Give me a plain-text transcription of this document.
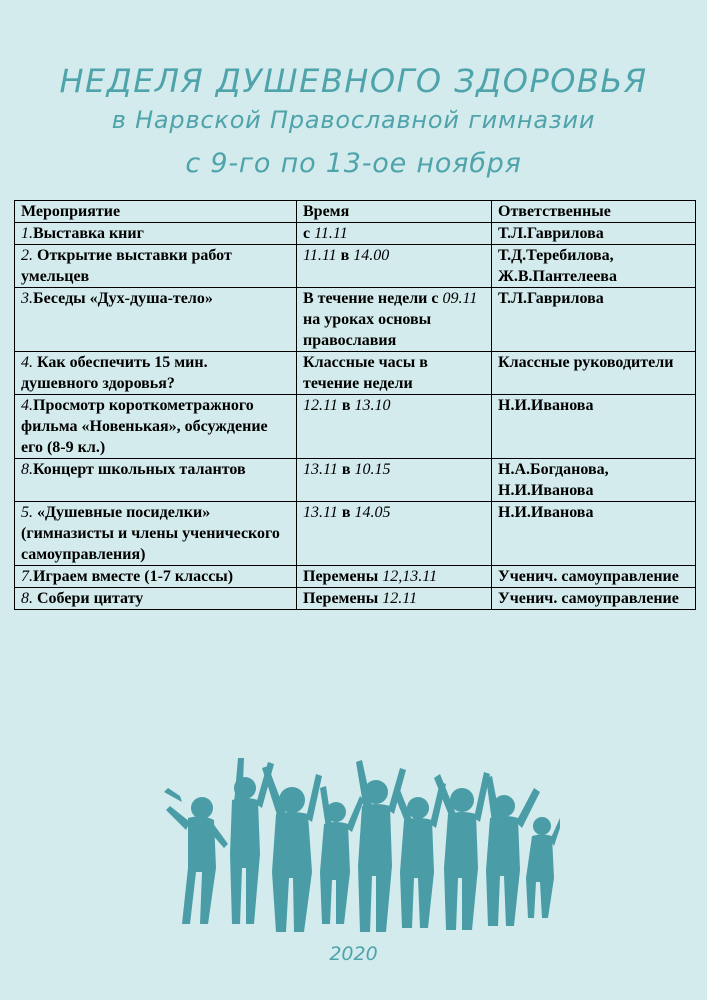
НЕДЕЛЯ ДУШЕВНОГО ЗДОРОВЬЯ
в Нарвской Православной гимназии
с 9-го по 13-ое ноября
Мероприятие	Время	Ответственные
1.Выставка книг	с 11.11	Т.Л.Гаврилова
2. Открытие выставки работ умельцев	11.11 в 14.00	Т.Д.Теребилова, Ж.В.Пантелеева
3.Беседы «Дух-душа-тело»	В течение недели с 09.11 на уроках основы православия	Т.Л.Гаврилова
4. Как обеспечить 15 мин. душевного здоровья?	Классные часы в течение недели	Классные руководители
4.Просмотр короткометражного фильма «Новенькая», обсуждение его (8-9 кл.)	12.11 в 13.10	Н.И.Иванова
8.Концерт школьных талантов	13.11 в 10.15	Н.А.Богданова, Н.И.Иванова
5. «Душевные посиделки» (гимназисты и члены ученического самоуправления)	13.11 в 14.05	Н.И.Иванова
7.Играем вместе (1-7 классы)	Перемены 12,13.11	Ученич. самоуправление
8. Собери цитату	Перемены 12.11	Ученич. самоуправление
2020
